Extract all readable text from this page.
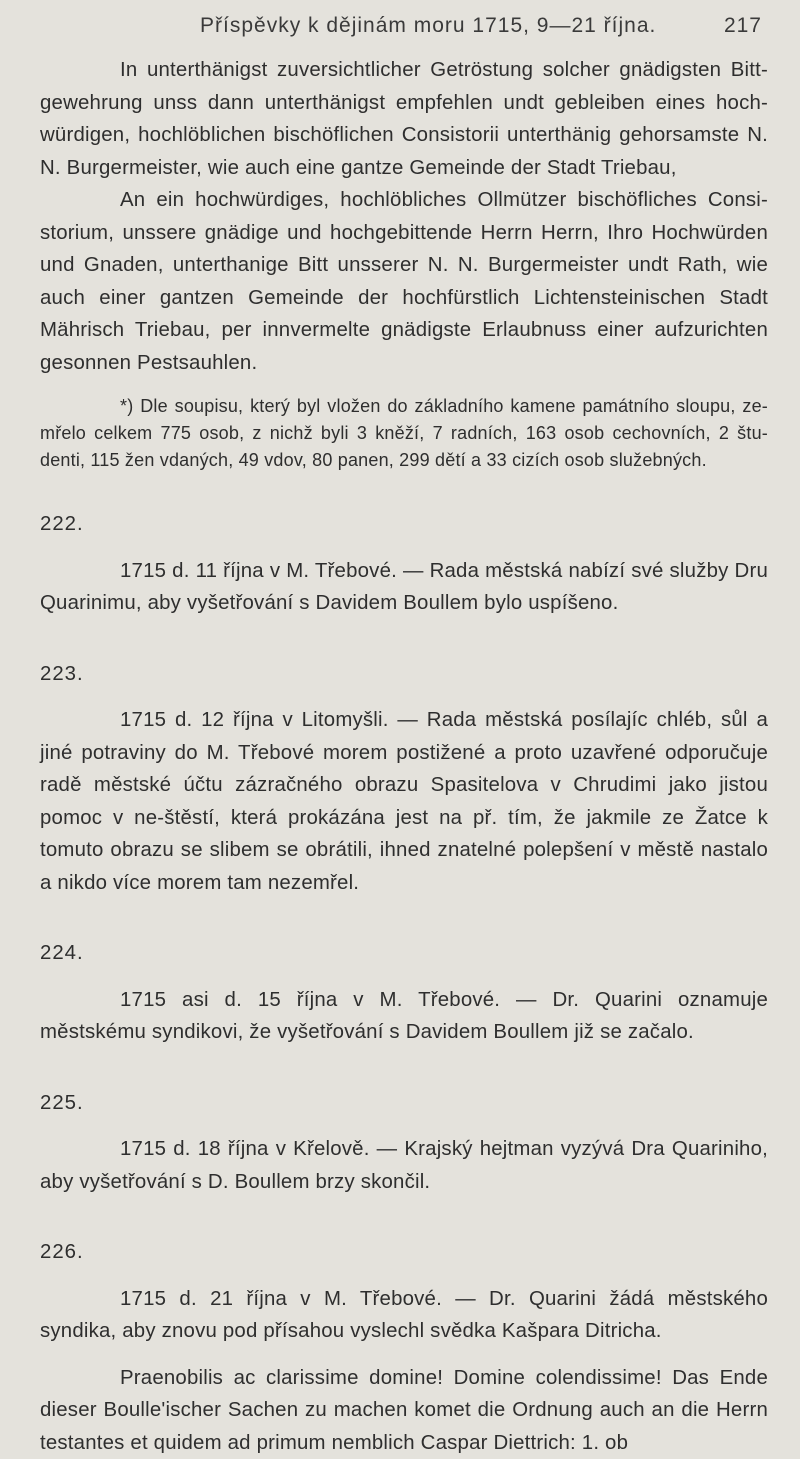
Příspěvky k dějinám moru 1715, 9—21 října.	217

In unterthänigst zuversichtlicher Getröstung solcher gnädigsten Bitt-gewehrung unss dann unterthänigst empfehlen undt gebleiben eines hoch-würdigen, hochlöblichen bischöflichen Consistorii unterthänig gehorsamste N. N. Burgermeister, wie auch eine gantze Gemeinde der Stadt Triebau,

An ein hochwürdiges, hochlöbliches Ollmützer bischöfliches Consi-storium, unssere gnädige und hochgebittende Herrn Herrn, Ihro Hochwürden und Gnaden, unterthanige Bitt unsserer N. N. Burgermeister undt Rath, wie auch einer gantzen Gemeinde der hochfürstlich Lichtensteinischen Stadt Mährisch Triebau, per innvermelte gnädigste Erlaubnuss einer aufzurichten gesonnen Pestsauhlen.

*) Dle soupisu, který byl vložen do základního kamene památního sloupu, ze-mřelo celkem 775 osob, z nichž byli 3 kněží, 7 radních, 163 osob cechovních, 2 štu-denti, 115 žen vdaných, 49 vdov, 80 panen, 299 dětí a 33 cizích osob služebných.

222.

1715 d. 11 října v M. Třebové. — Rada městská nabízí své služby Dru Quarinimu, aby vyšetřování s Davidem Boullem bylo uspíšeno.

223.

1715 d. 12 října v Litomyšli. — Rada městská posílajíc chléb, sůl a jiné potraviny do M. Třebové morem postižené a proto uzavřené odporučuje radě městské účtu zázračného obrazu Spasitelova v Chrudimi jako jistou pomoc v ne-štěstí, která prokázána jest na př. tím, že jakmile ze Žatce k tomuto obrazu se slibem se obrátili, ihned znatelné polepšení v městě nastalo a nikdo více morem tam nezemřel.

224.

1715 asi d. 15 října v M. Třebové. — Dr. Quarini oznamuje městskému syndikovi, že vyšetřování s Davidem Boullem již se začalo.

225.

1715 d. 18 října v Křelově. — Krajský hejtman vyzývá Dra Quariniho, aby vyšetřování s D. Boullem brzy skončil.

226.

1715 d. 21 října v M. Třebové. — Dr. Quarini žádá městského syndika, aby znovu pod přísahou vyslechl svědka Kašpara Ditricha.

Praenobilis ac clarissime domine! Domine colendissime! Das Ende dieser Boulle'ischer Sachen zu machen komet die Ordnung auch an die Herrn testantes et quidem ad primum nemblich Caspar Diettrich: 1. ob
